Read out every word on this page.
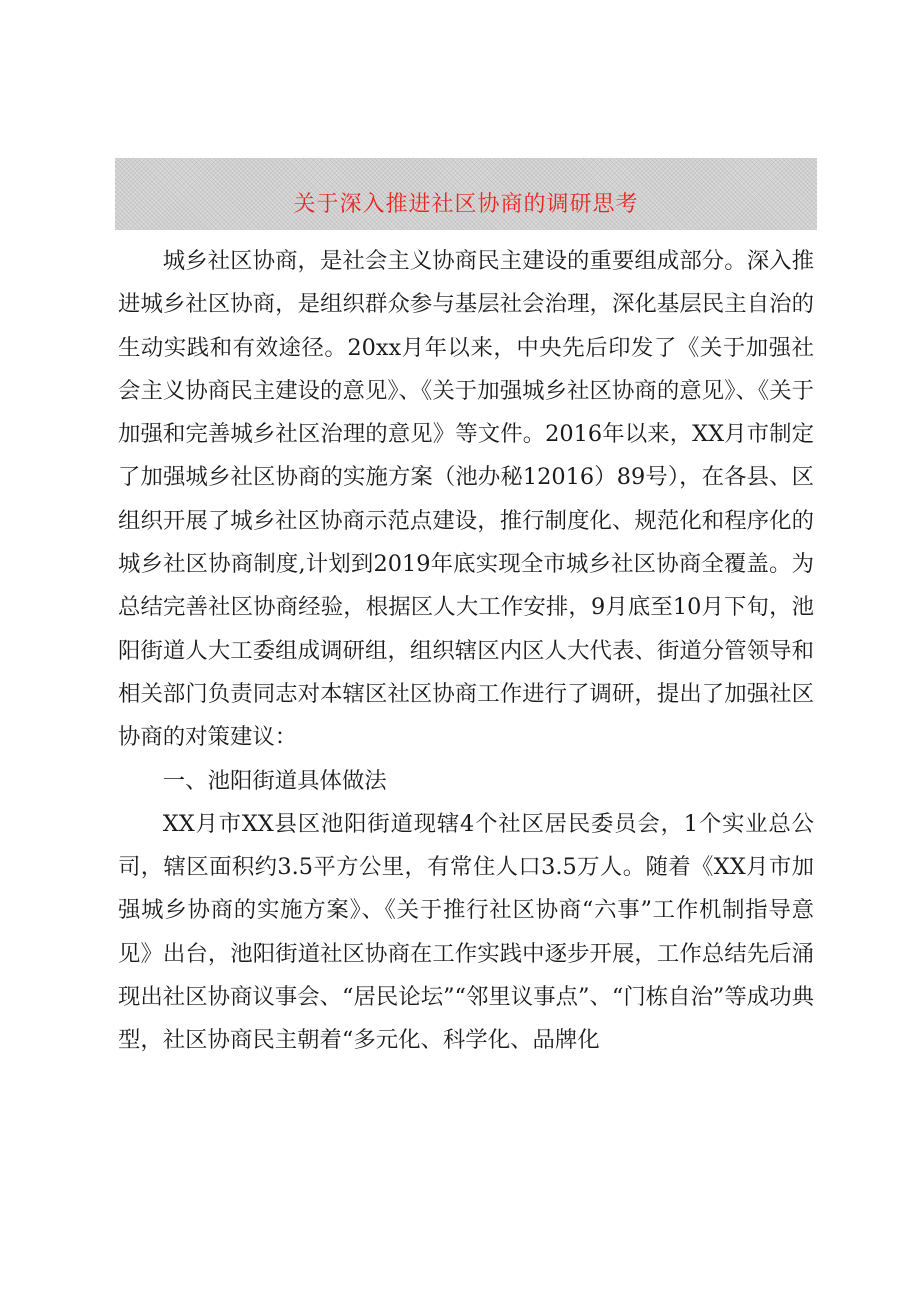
关于深入推进社区协商的调研思考

城乡社区协商，是社会主义协商民主建设的重要组成部分。深入推进城乡社区协商，是组织群众参与基层社会治理，深化基层民主自治的生动实践和有效途径。20xx月年以来，中央先后印发了《关于加强社会主义协商民主建设的意见》、《关于加强城乡社区协商的意见》、《关于加强和完善城乡社区治理的意见》等文件。2016年以来，XX月市制定了加强城乡社区协商的实施方案（池办秘12016）89号），在各县、区组织开展了城乡社区协商示范点建设，推行制度化、规范化和程序化的城乡社区协商制度,计划到2019年底实现全市城乡社区协商全覆盖。为总结完善社区协商经验，根据区人大工作安排，9月底至10月下旬，池阳街道人大工委组成调研组，组织辖区内区人大代表、街道分管领导和相关部门负责同志对本辖区社区协商工作进行了调研，提出了加强社区协商的对策建议：

一、池阳街道具体做法

XX月市XX县区池阳街道现辖4个社区居民委员会，1个实业总公司，辖区面积约3.5平方公里，有常住人口3.5万人。随着《XX月市加强城乡协商的实施方案》、《关于推行社区协商“六事”工作机制指导意见》出台，池阳街道社区协商在工作实践中逐步开展，工作总结先后涌现出社区协商议事会、“居民论坛”“邻里议事点”、“门栋自治”等成功典型，社区协商民主朝着“多元化、科学化、品牌化
